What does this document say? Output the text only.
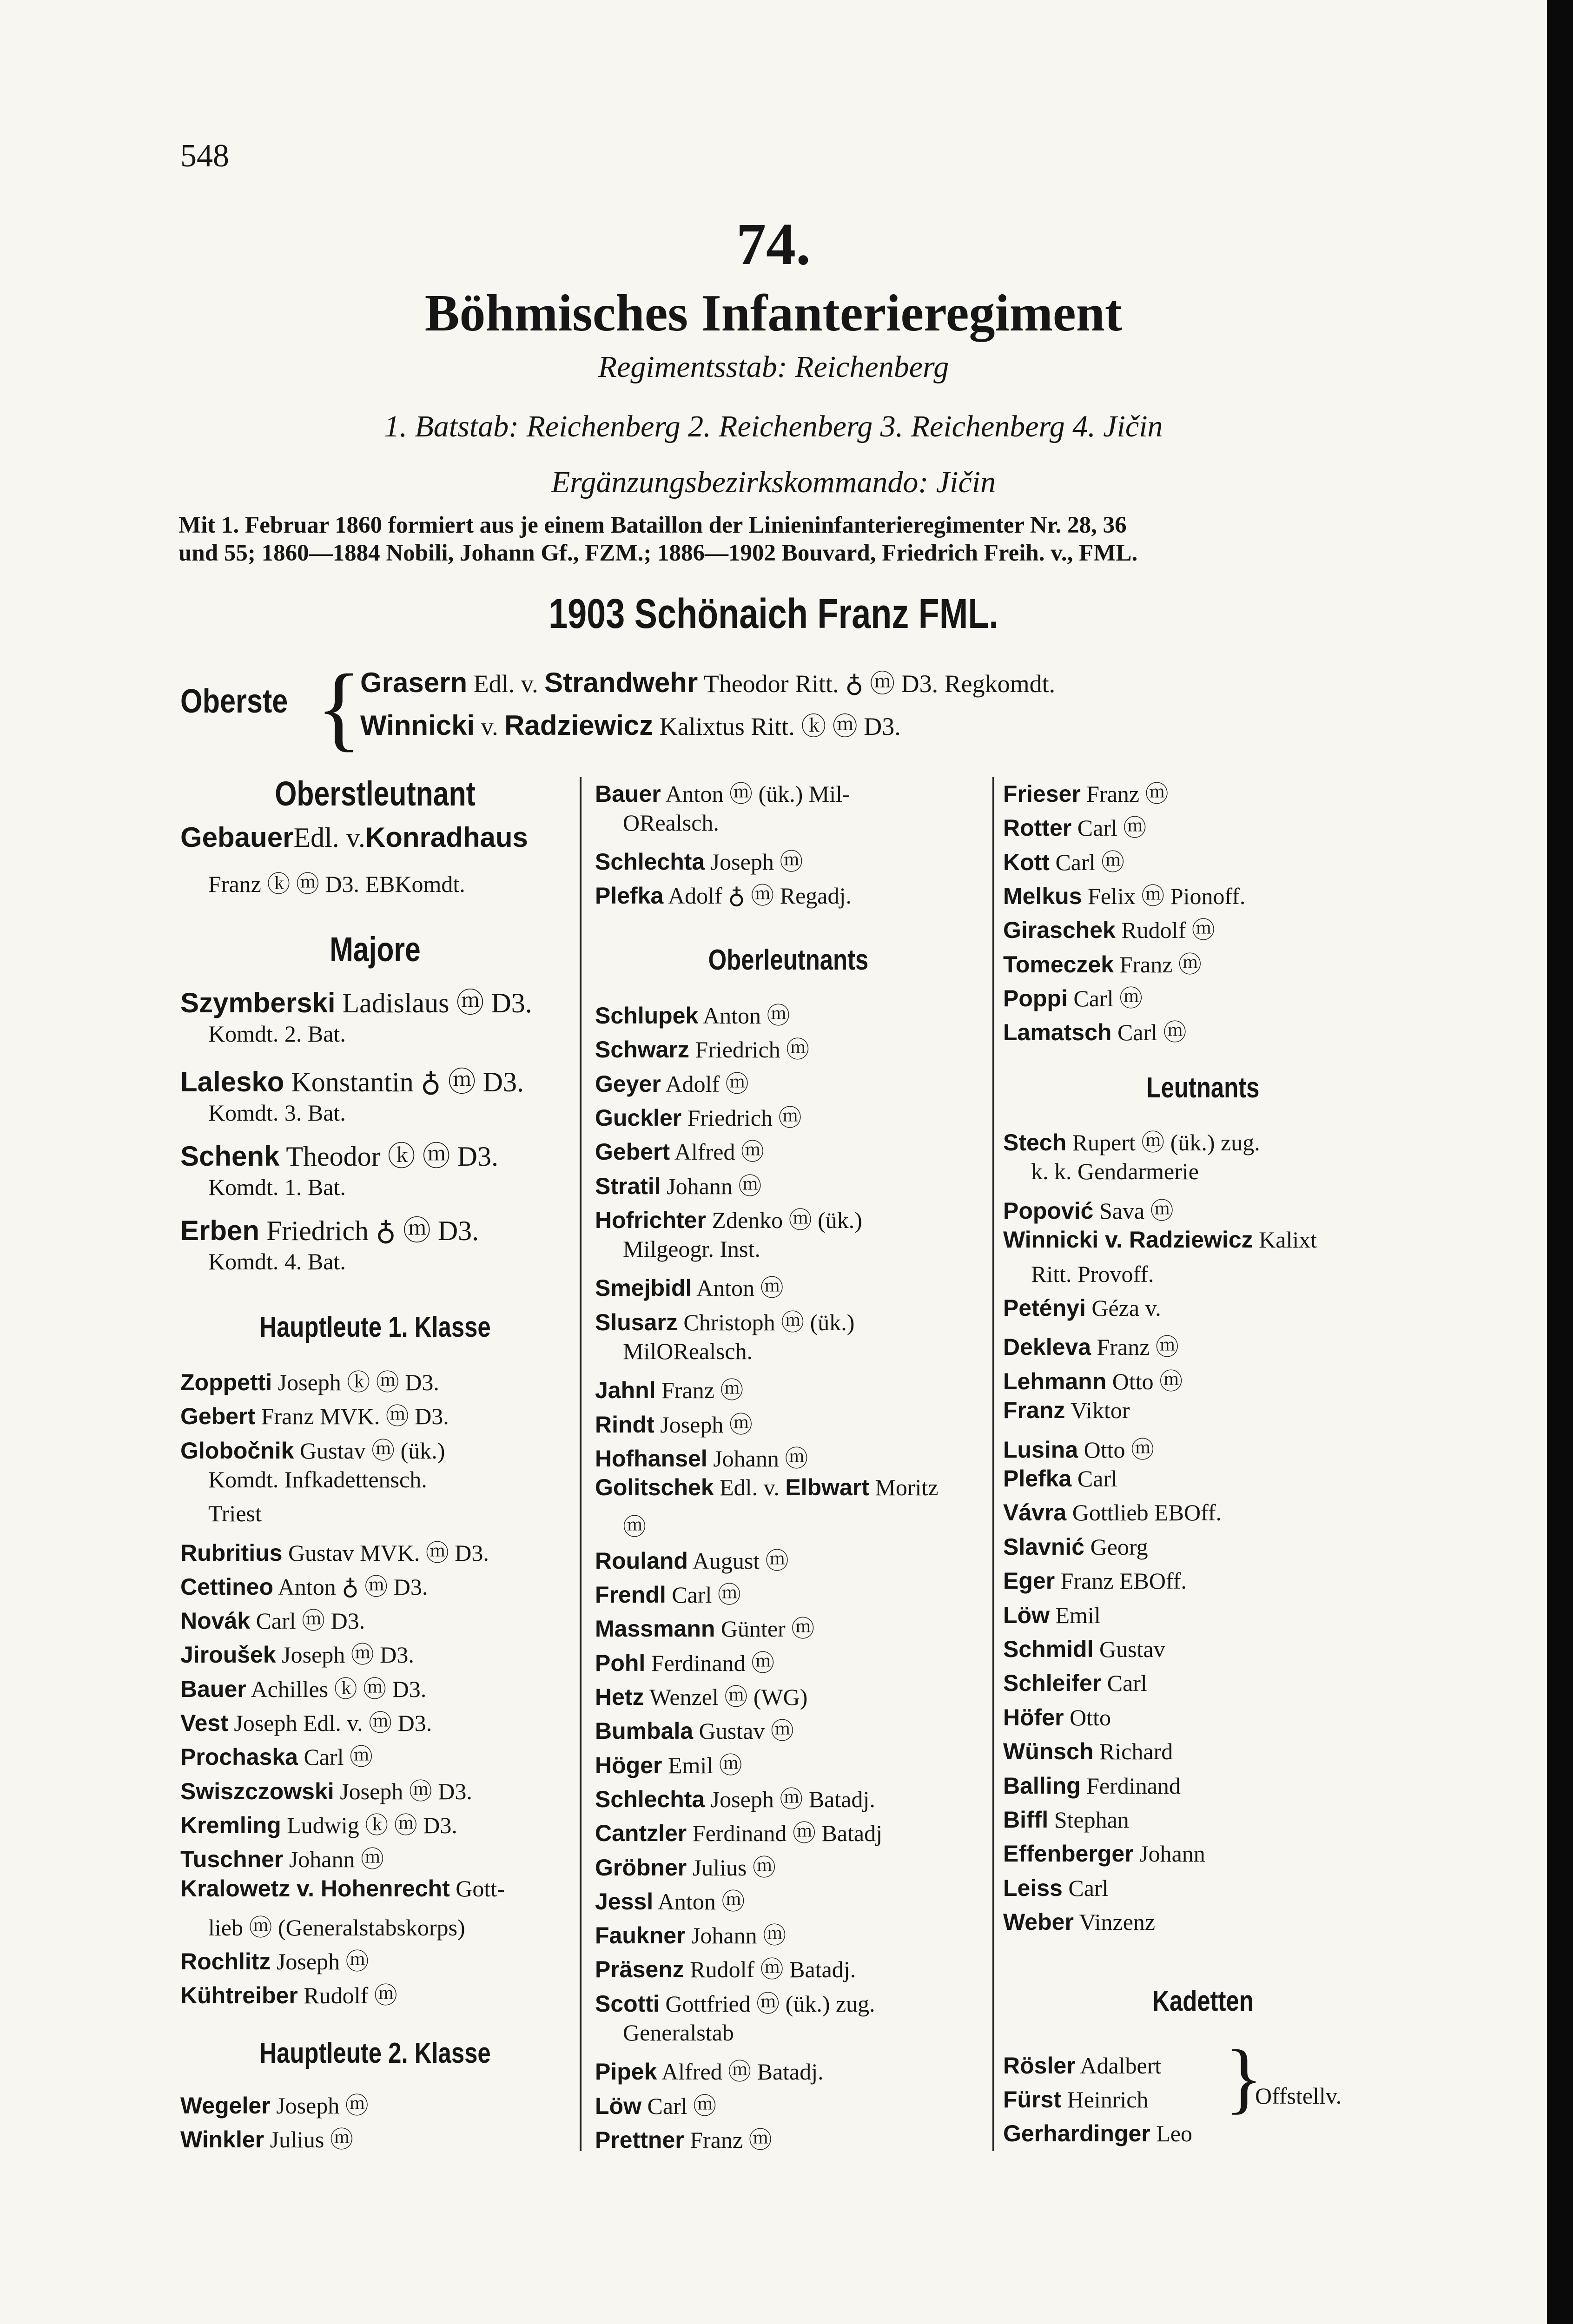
548
74.
Böhmisches Infanterieregiment
Regimentsstab: Reichenberg
1. Batstab: Reichenberg 2. Reichenberg 3. Reichenberg 4. Jičin
Ergänzungsbezirkskommando: Jičin
Mit 1. Februar 1860 formiert aus je einem Bataillon der Linieninfanterieregimenter Nr. 28, 36
und 55; 1860—1884 Nobili, Johann Gf., FZM.; 1886—1902 Bouvard, Friedrich Freih. v., FML.
1903 Schönaich Franz FML.
Oberste {
Grasern Edl. v. Strandwehr Theodor Ritt. ♁ ⓜ D3. Regkomdt.
Winnicki v. Radziewicz Kalixtus Ritt. ⓚ ⓜ D3.
Oberstleutnant
GebauerEdl. v.Konradhaus
Franz ⓚ ⓜ D3. EBKomdt.
Majore
Szymberski Ladislaus ⓜ D3.
Komdt. 2. Bat.
Lalesko Konstantin ♁ ⓜ D3.
Komdt. 3. Bat.
Schenk Theodor ⓚ ⓜ D3.
Komdt. 1. Bat.
Erben Friedrich ♁ ⓜ D3.
Komdt. 4. Bat.
Hauptleute 1. Klasse
Zoppetti Joseph ⓚ ⓜ D3.
Gebert Franz MVK. ⓜ D3.
Globočnik Gustav ⓜ (ük.)
Komdt. Infkadettensch.
Triest
Rubritius Gustav MVK. ⓜ D3.
Cettineo Anton ♁ ⓜ D3.
Novák Carl ⓜ D3.
Jiroušek Joseph ⓜ D3.
Bauer Achilles ⓚ ⓜ D3.
Vest Joseph Edl. v. ⓜ D3.
Prochaska Carl ⓜ
Swiszczowski Joseph ⓜ D3.
Kremling Ludwig ⓚ ⓜ D3.
Tuschner Johann ⓜ
Kralowetz v. Hohenrecht Gott-
lieb ⓜ (Generalstabskorps)
Rochlitz Joseph ⓜ
Kühtreiber Rudolf ⓜ
Hauptleute 2. Klasse
Wegeler Joseph ⓜ
Winkler Julius ⓜ
Bauer Anton ⓜ (ük.) Mil-
ORealsch.
Schlechta Joseph ⓜ
Plefka Adolf ♁ ⓜ Regadj.
Oberleutnants
Schlupek Anton ⓜ
Schwarz Friedrich ⓜ
Geyer Adolf ⓜ
Guckler Friedrich ⓜ
Gebert Alfred ⓜ
Stratil Johann ⓜ
Hofrichter Zdenko ⓜ (ük.)
Milgeogr. Inst.
Smejbidl Anton ⓜ
Slusarz Christoph ⓜ (ük.)
MilORealsch.
Jahnl Franz ⓜ
Rindt Joseph ⓜ
Hofhansel Johann ⓜ
Golitschek Edl. v. Elbwart Moritz
ⓜ
Rouland August ⓜ
Frendl Carl ⓜ
Massmann Günter ⓜ
Pohl Ferdinand ⓜ
Hetz Wenzel ⓜ (WG)
Bumbala Gustav ⓜ
Höger Emil ⓜ
Schlechta Joseph ⓜ Batadj.
Cantzler Ferdinand ⓜ Batadj
Gröbner Julius ⓜ
Jessl Anton ⓜ
Faukner Johann ⓜ
Präsenz Rudolf ⓜ Batadj.
Scotti Gottfried ⓜ (ük.) zug.
Generalstab
Pipek Alfred ⓜ Batadj.
Löw Carl ⓜ
Prettner Franz ⓜ
Frieser Franz ⓜ
Rotter Carl ⓜ
Kott Carl ⓜ
Melkus Felix ⓜ Pionoff.
Giraschek Rudolf ⓜ
Tomeczek Franz ⓜ
Poppi Carl ⓜ
Lamatsch Carl ⓜ
Leutnants
Stech Rupert ⓜ (ük.) zug.
k. k. Gendarmerie
Popović Sava ⓜ
Winnicki v. Radziewicz Kalixt
Ritt. Provoff.
Petényi Géza v.
Dekleva Franz ⓜ
Lehmann Otto ⓜ
Franz Viktor
Lusina Otto ⓜ
Plefka Carl
Vávra Gottlieb EBOff.
Slavnić Georg
Eger Franz EBOff.
Löw Emil
Schmidl Gustav
Schleifer Carl
Höfer Otto
Wünsch Richard
Balling Ferdinand
Biffl Stephan
Effenberger Johann
Leiss Carl
Weber Vinzenz
Kadetten
Rösler Adalbert
Fürst Heinrich
Gerhardinger Leo
}
Offstellv.
